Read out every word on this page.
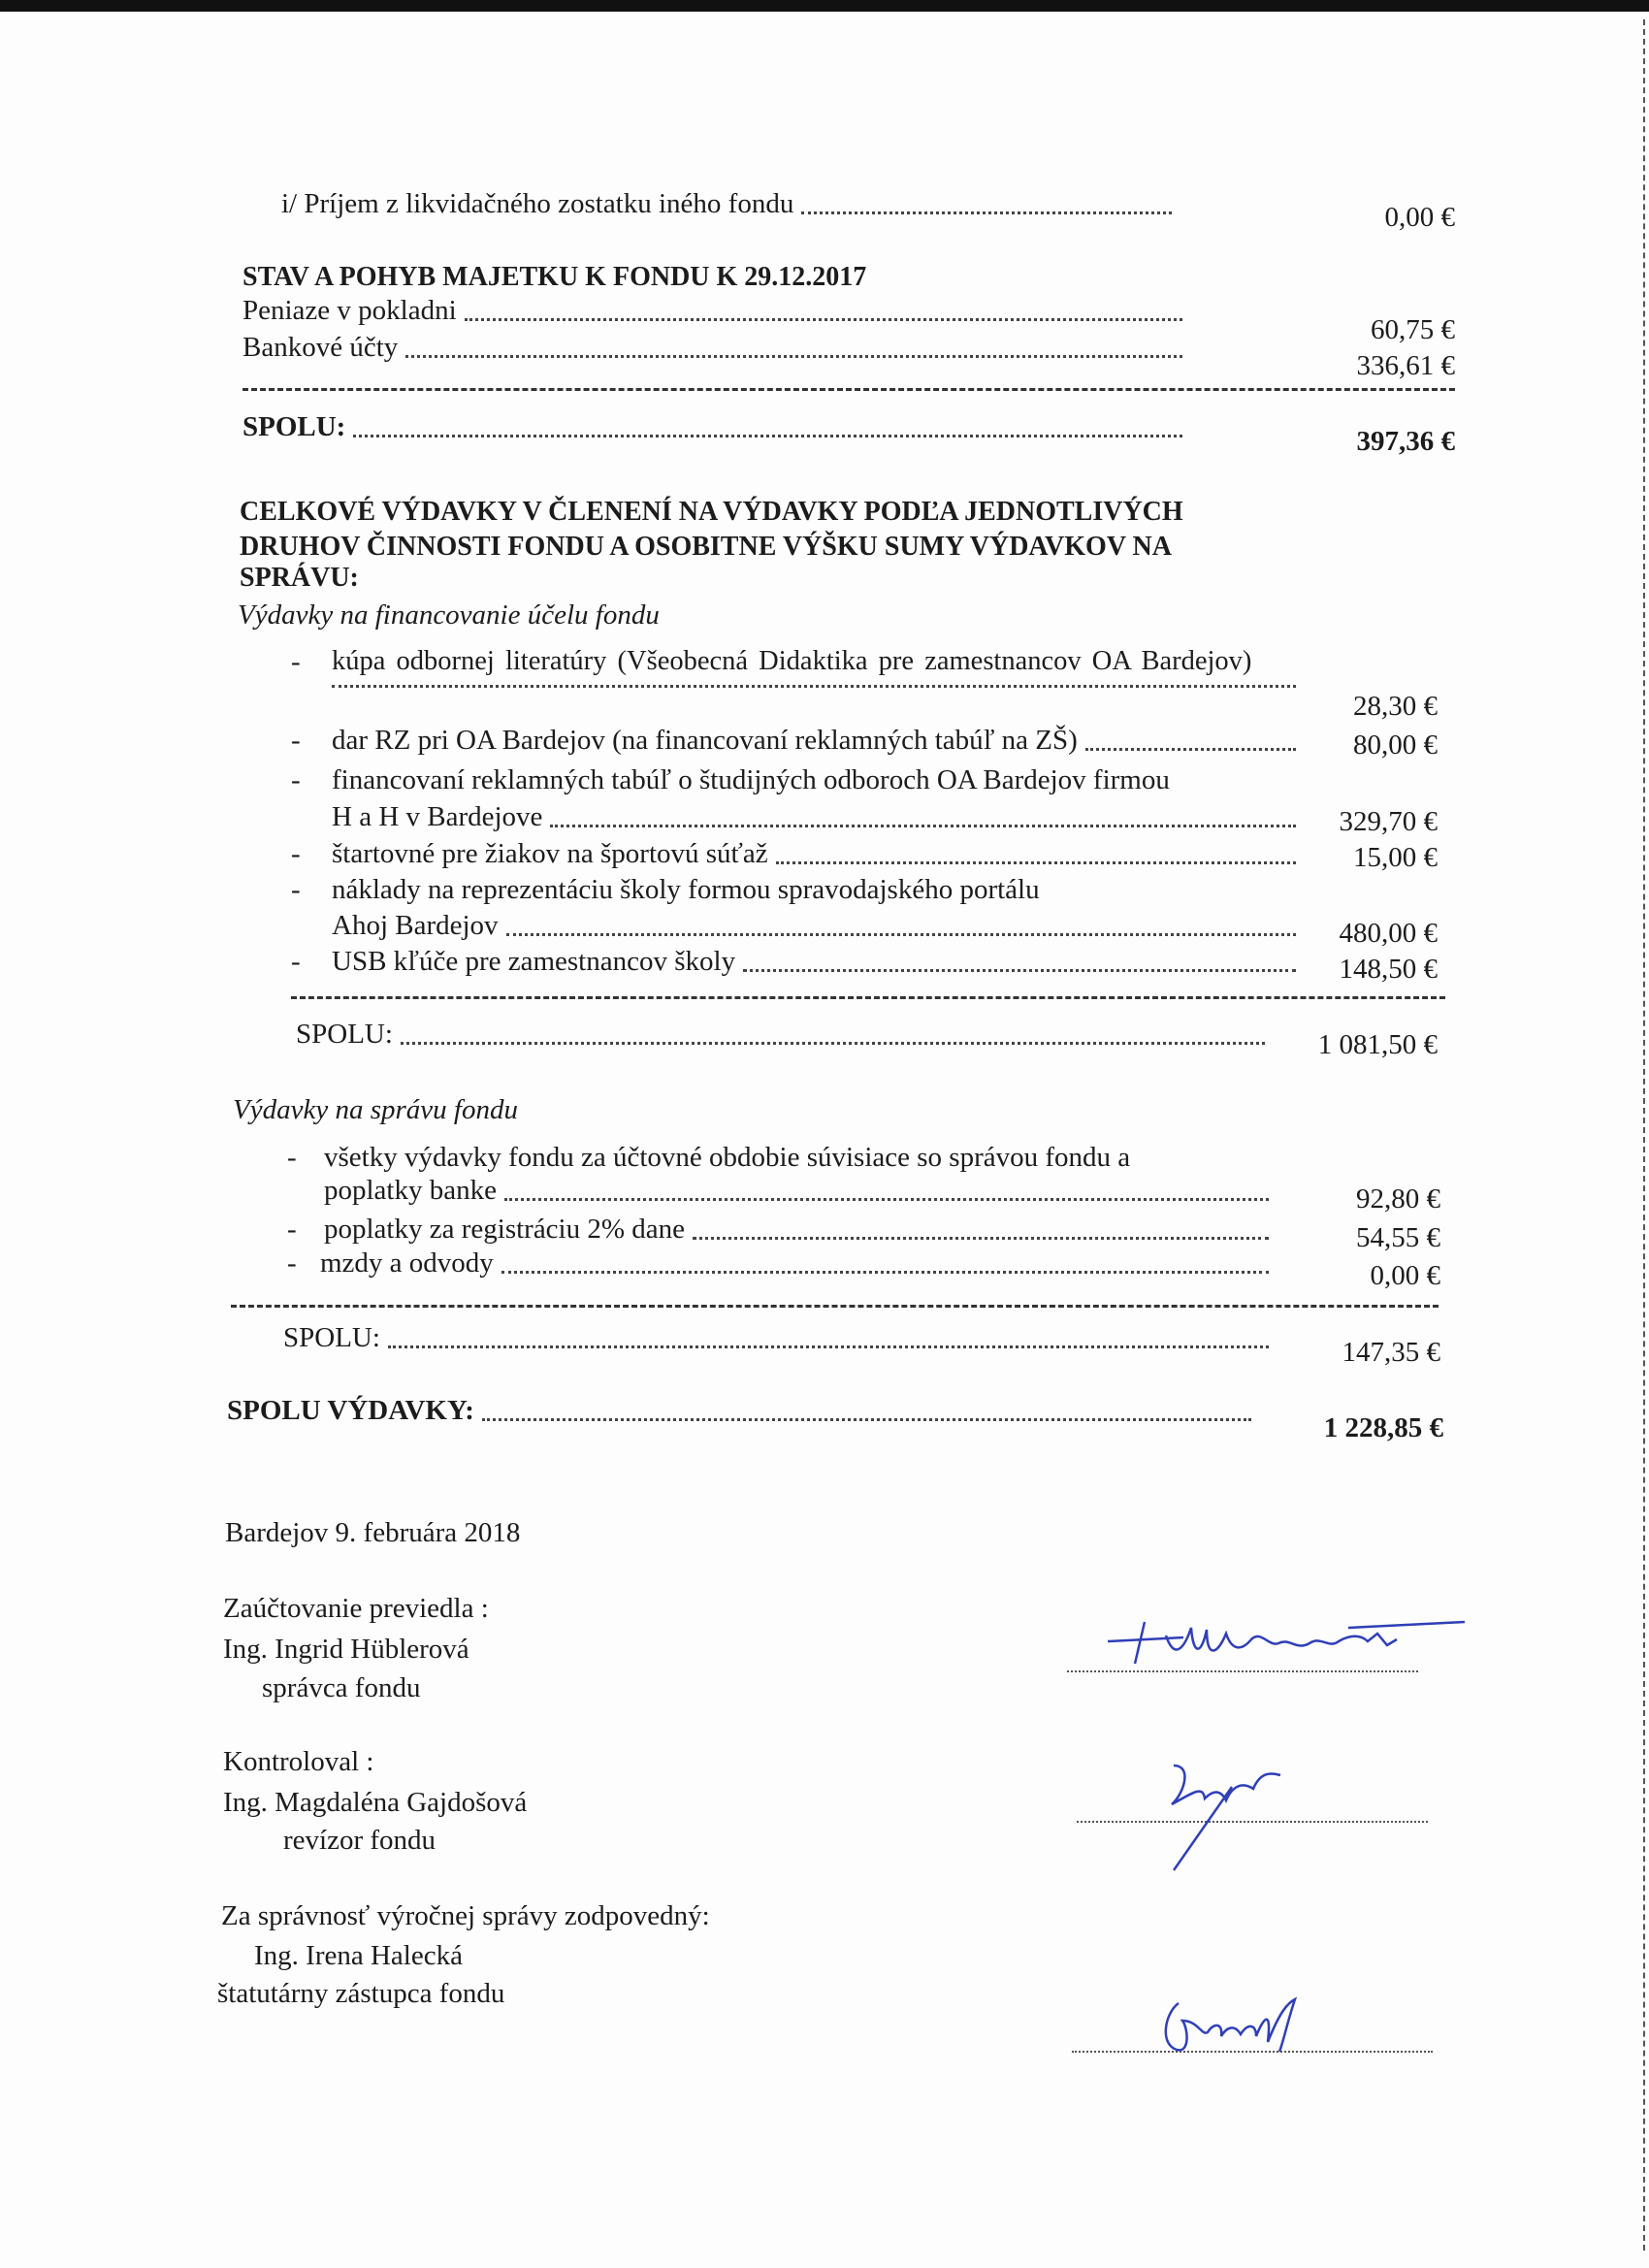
i/ Príjem z likvidačného zostatku iného fondu	0,00 €
STAV A POHYB MAJETKU K FONDU K 29.12.2017
Peniaze v pokladni
60,75 €
Bankové účty
336,61 €
SPOLU:	397,36 €
CELKOVÉ VÝDAVKY V ČLENENÍ NA VÝDAVKY PODĽA JEDNOTLIVÝCH
DRUHOV ČINNOSTI FONDU A OSOBITNE VÝŠKU SUMY VÝDAVKOV NA
SPRÁVU:
Výdavky na financovanie účelu fondu
- kúpa odbornej literatúry (Všeobecná Didaktika pre zamestnancov OA Bardejov)
28,30 €
- dar RZ pri OA Bardejov (na financovaní reklamných tabúľ na ZŠ)	80,00 €
- financovaní reklamných tabúľ o študijných odboroch OA Bardejov firmou
H a H v Bardejove	329,70 €
- štartovné pre žiakov na športovú súťaž	15,00 €
- náklady na reprezentáciu školy formou spravodajského portálu
Ahoj Bardejov	480,00 €
- USB kľúče pre zamestnancov školy	148,50 €
SPOLU:	1 081,50 €
Výdavky na správu fondu
- všetky výdavky fondu za účtovné obdobie súvisiace so správou fondu a
poplatky banke	92,80 €
- poplatky za registráciu 2% dane	54,55 €
- mzdy a odvody	0,00 €
SPOLU:	147,35 €
SPOLU VÝDAVKY:
1 228,85 €
Bardejov 9. februára 2018
Zaúčtovanie previedla :
Ing. Ingrid Hüblerová
správca fondu
Kontroloval :
Ing. Magdaléna Gajdošová
revízor fondu
Za správnosť výročnej správy zodpovedný:
Ing. Irena Halecká
štatutárny zástupca fondu
